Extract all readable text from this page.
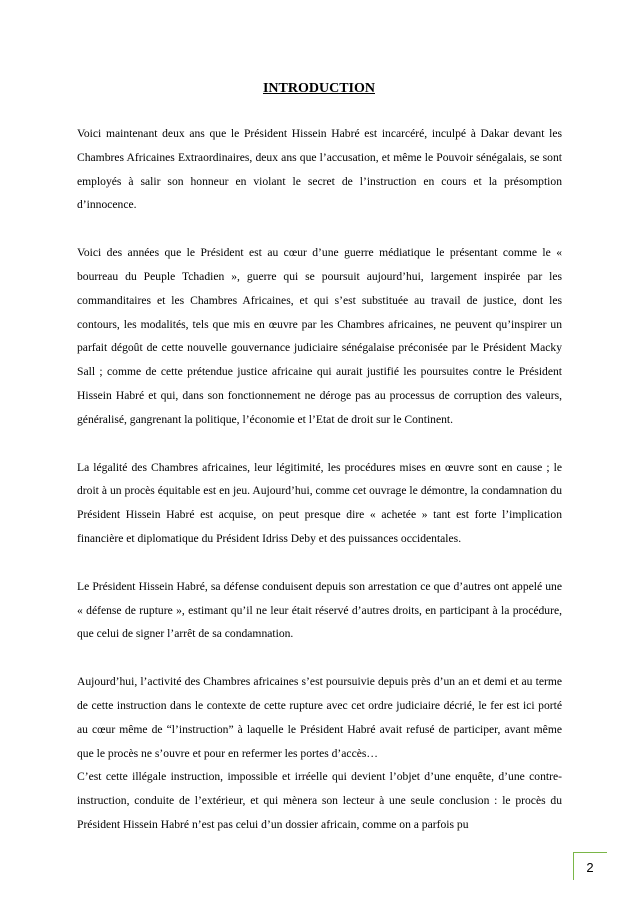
INTRODUCTION

Voici maintenant deux ans que le Président Hissein Habré est incarcéré, inculpé à Dakar devant les Chambres Africaines Extraordinaires, deux ans que l’accusation, et même le Pouvoir sénégalais, se sont employés à salir son honneur en violant le secret de l’instruction en cours et la présomption d’innocence.

Voici des années que le Président est au cœur d’une guerre médiatique le présentant comme le « bourreau du Peuple Tchadien », guerre qui se poursuit aujourd’hui, largement inspirée par les commanditaires et les Chambres Africaines, et qui s’est substituée au travail de justice, dont les contours, les modalités, tels que mis en œuvre par les Chambres africaines, ne peuvent qu’inspirer un parfait dégoût de cette nouvelle gouvernance judiciaire sénégalaise préconisée par le Président Macky Sall ; comme de cette prétendue justice africaine qui aurait justifié les poursuites contre le Président Hissein Habré et qui, dans son fonctionnement ne déroge pas au processus de corruption des valeurs, généralisé, gangrenant la politique, l’économie et l’Etat de droit sur le Continent.

La légalité des Chambres africaines, leur légitimité, les procédures mises en œuvre sont en cause ; le droit à un procès équitable est en jeu. Aujourd’hui, comme cet ouvrage le démontre, la condamnation du Président Hissein Habré est acquise, on peut presque dire « achetée » tant est forte l’implication financière et diplomatique du Président Idriss Deby et des puissances occidentales.

Le Président Hissein Habré, sa défense conduisent depuis son arrestation ce que d’autres ont appelé une « défense de rupture », estimant qu’il ne leur était réservé d’autres droits, en participant à la procédure, que celui de signer l’arrêt de sa condamnation.

Aujourd’hui, l’activité des Chambres africaines s’est poursuivie depuis près d’un an et demi et au terme de cette instruction dans le contexte de cette rupture avec cet ordre judiciaire décrié, le fer est ici porté au cœur même de “l’instruction” à laquelle le Président Habré avait refusé de participer, avant même que le procès ne s’ouvre et pour en refermer les portes d’accès…

C’est cette illégale instruction, impossible et irréelle qui devient l’objet d’une enquête, d’une contre-instruction, conduite de l’extérieur, et qui mènera son lecteur à une seule conclusion : le procès du Président Hissein Habré n’est pas celui d’un dossier africain, comme on a parfois pu

2
